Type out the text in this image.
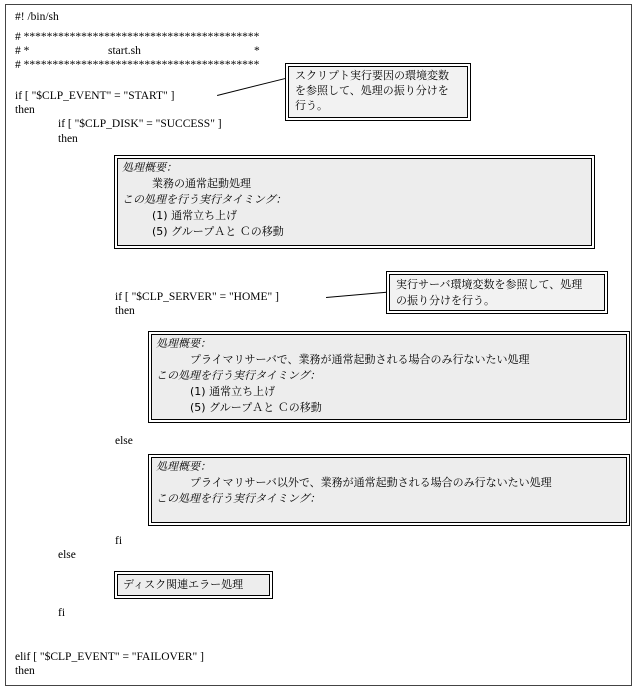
#! /bin/sh
# *****************************************
# *	start.sh	*
# *****************************************
if [ "$CLP_EVENT" = "START" ]
then
if [ "$CLP_DISK" = "SUCCESS" ]
then
if [ "$CLP_SERVER" = "HOME" ]
then
else
fi
else
fi
elif [ "$CLP_EVENT" = "FAILOVER" ]
then
スクリプト実行要因の環境変数
を参照して、処理の振り分けを
行う。
実行サーバ環境変数を参照して、処理
の振り分けを行う。
処理概要：
業務の通常起動処理
この処理を行う実行タイミング：
(1) 通常立ち上げ
(5) グループＡと Ｃの移動
処理概要：
プライマリサーバで、業務が通常起動される場合のみ行ないたい処理
この処理を行う実行タイミング：
(1) 通常立ち上げ
(5) グループＡと Ｃの移動
処理概要：
プライマリサーバ以外で、業務が通常起動される場合のみ行ないたい処理
この処理を行う実行タイミング：
ディスク関連エラー処理
